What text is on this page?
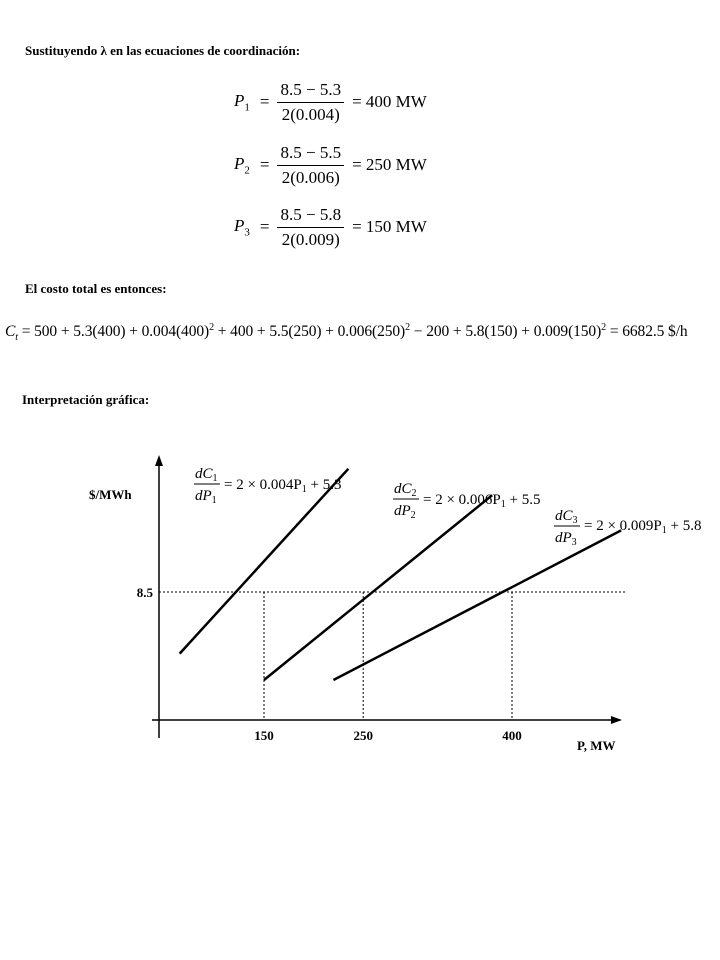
Sustituyendo λ en las ecuaciones de coordinación:
$P_1 = \frac{8.5 - 5.3}{2(0.004)} = 400$ MW
$P_2 = \frac{8.5 - 5.5}{2(0.006)} = 250$ MW
$P_3 = \frac{8.5 - 5.8}{2(0.009)} = 150$ MW
El costo total es entonces:
$C_t = 500 + 5.3(400) + 0.004(400)^2 + 400 + 5.5(250) + 0.006(250)^2 - 200 + 5.8(150) + 0.009(150)^2 = 6682.5$ $/h
Interpretación gráfica:
$/MWh
P, MW
8.5
150	250	400
$dC_1$
$dP_1$
= $2 \times 0.004P_1 + 5.3$	$dC_2$
$dP_2$
= $2 \times 0.006P_1 + 5.5$
$dC_3$
$dP_3$
= $2 \times 0.009P_1 + 5.8$
